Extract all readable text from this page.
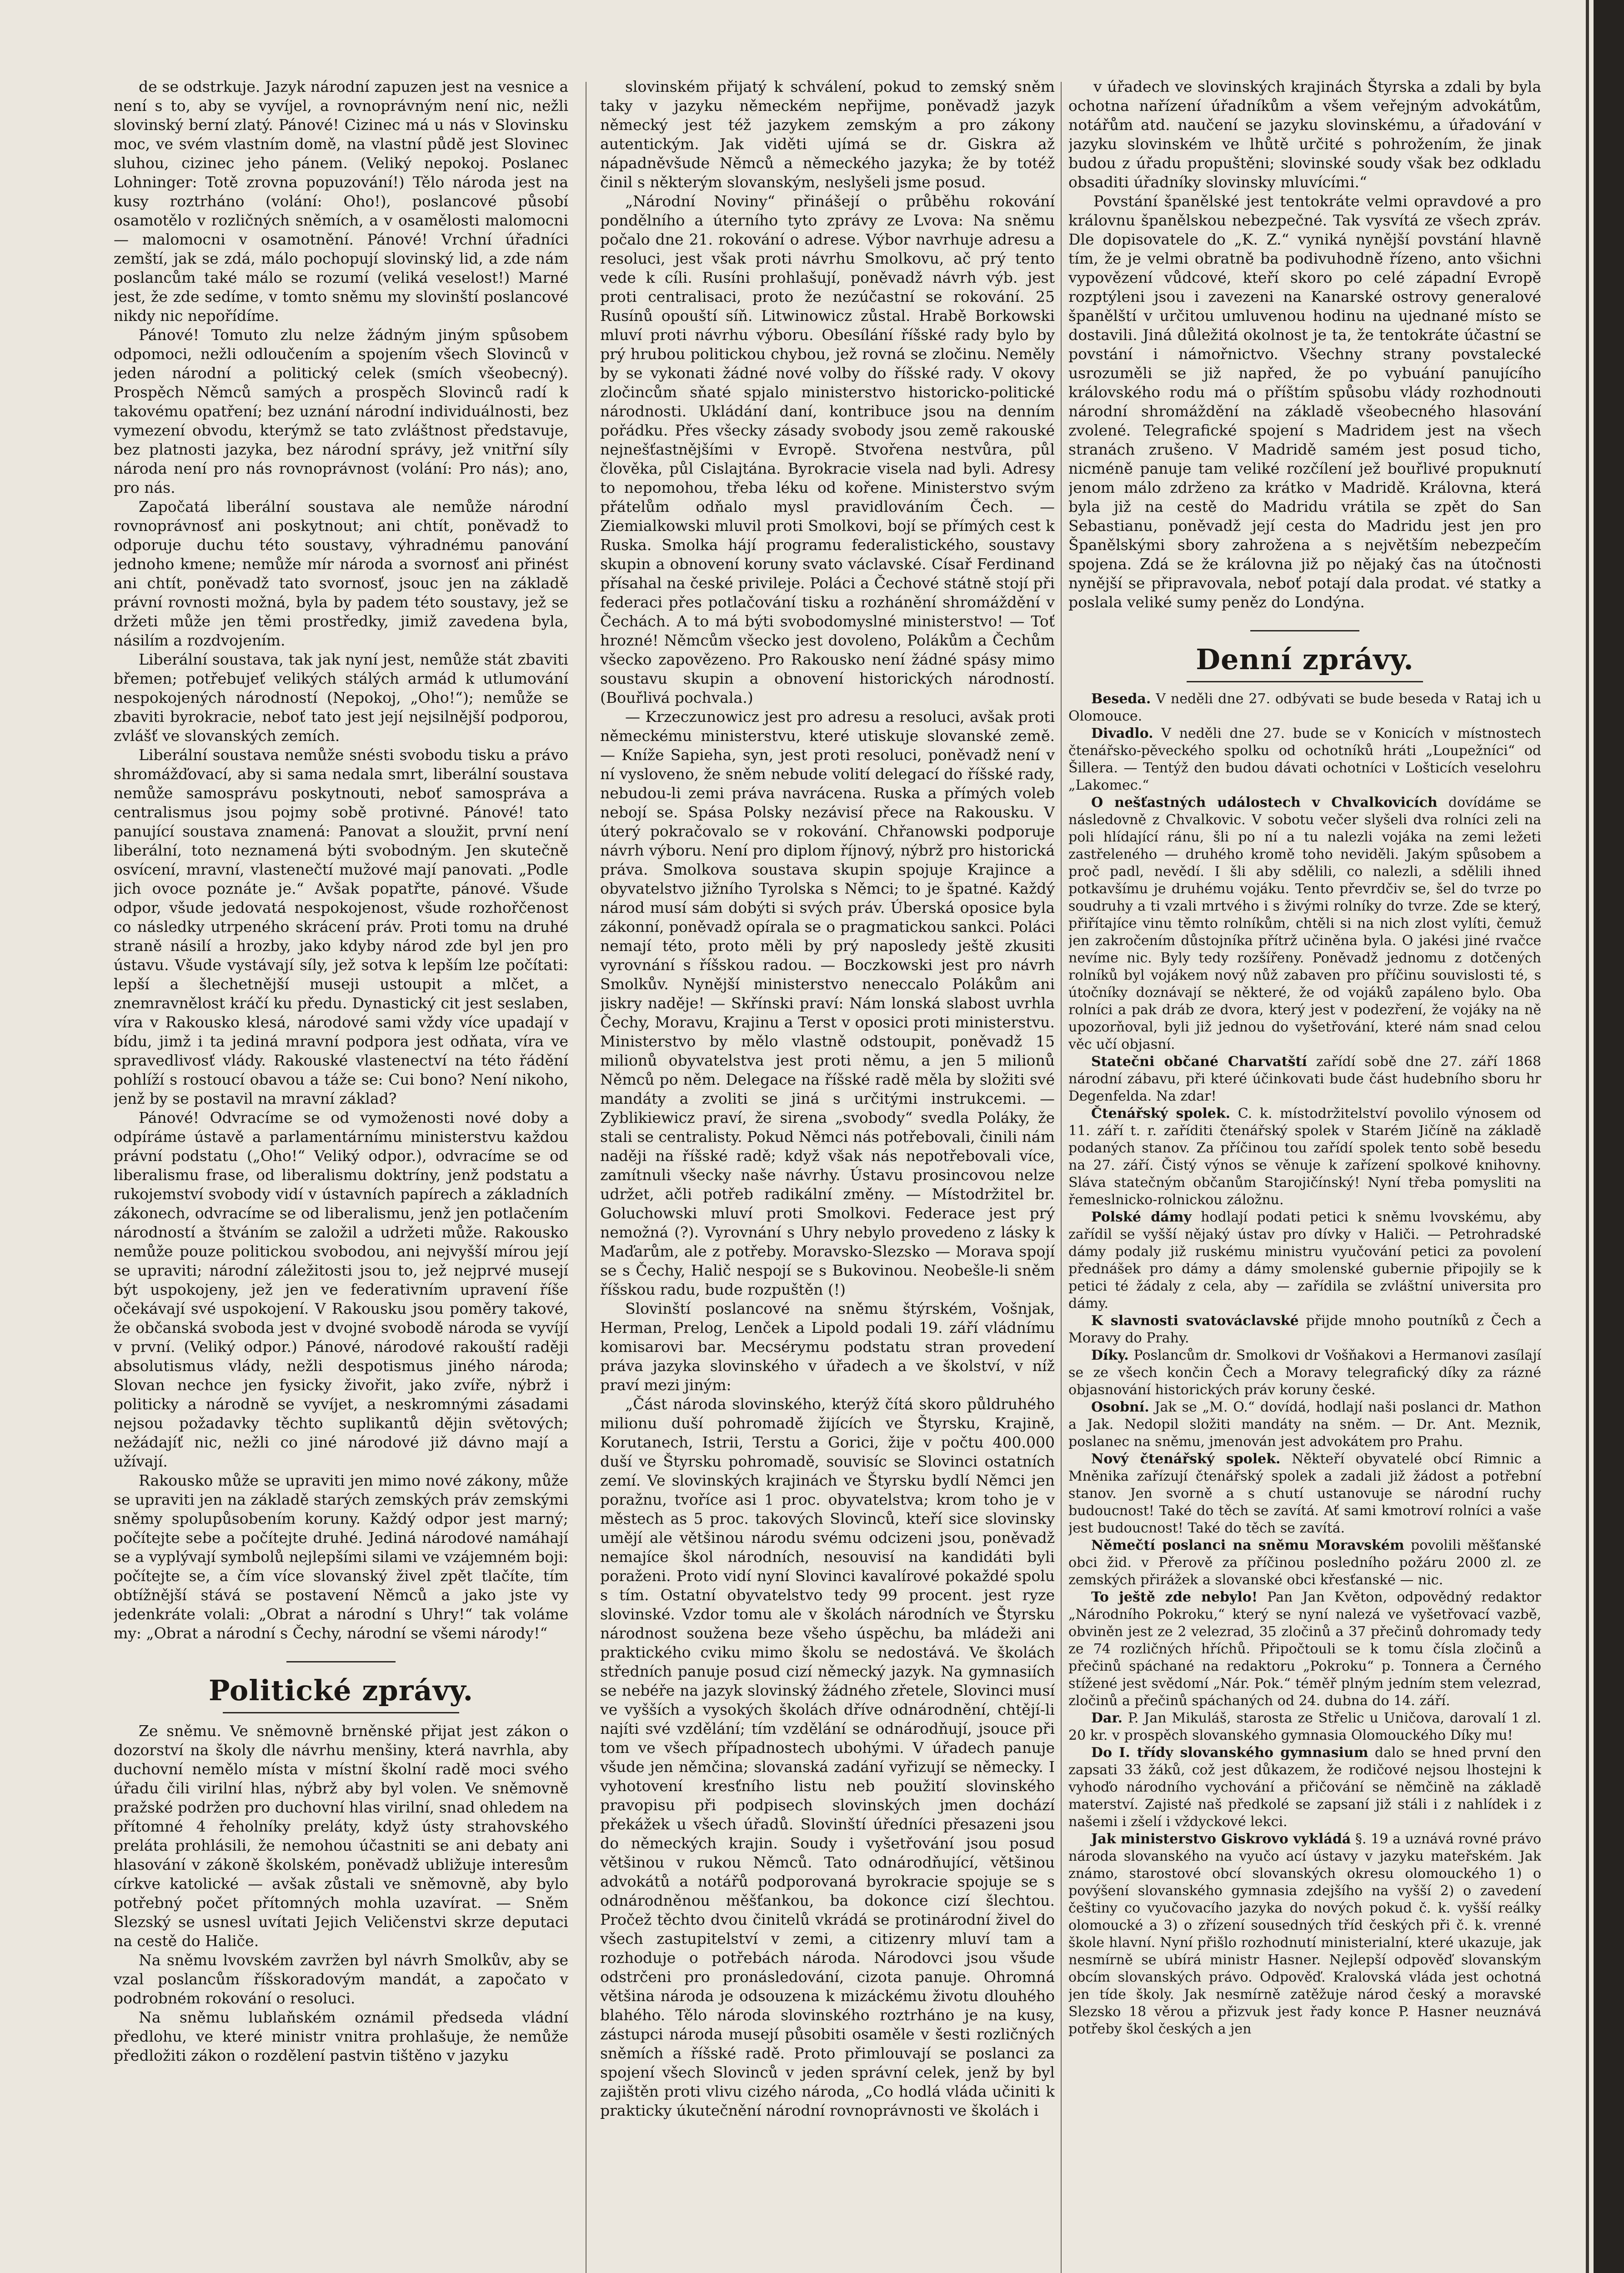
de se odstrkuje. Jazyk národní zapuzen jest na vesnice a není s to, aby se vyvíjel, a rovnoprávným není nic, nežli slovinský berní zlatý. Pánové! Cizinec má u nás v Slovinsku moc, ve svém vlastním domě, na vlastní půdě jest Slovinec sluhou, cizinec jeho pánem. (Veliký nepokoj. Poslanec Lohninger: Totě zrovna popuzování!) Tělo národa jest na kusy roztrháno (volání: Oho!), poslancové působí osamotělo v rozličných sněmích, a v osamělosti malomocni — malomocni v osamotnění. Pánové! Vrchní úřadníci zemští, jak se zdá, málo pochopují slovinský lid, a zde nám poslancům také málo se rozumí (veliká veselost!) Marné jest, že zde sedíme, v tomto sněmu my slovinští poslancové nikdy nic nepořídíme.

Pánové! Tomuto zlu nelze žádným jiným spůsobem odpomoci, nežli odloučením a spojením všech Slovinců v jeden národní a politický celek (smích všeobecný). Prospěch Němců samých a prospěch Slovinců radí k takovému opatření; bez uznání národní individuálnosti, bez vymezení obvodu, kterýmž se tato zvláštnost představuje, bez platnosti jazyka, bez národní správy, jež vnitřní síly národa není pro nás rovnoprávnost (volání: Pro nás); ano, pro nás.

Započatá liberální soustava ale nemůže národní rovnoprávnosť ani poskytnout; ani chtít, poněvadž to odporuje duchu této soustavy, výhradnému panování jednoho kmene; nemůže mír národa a svornosť ani přinést ani chtít, poněvadž tato svornosť, jsouc jen na základě právní rovnosti možná, byla by padem této soustavy, jež se držeti může jen těmi prostředky, jimiž zavedena byla, násilím a rozdvojením.

Liberální soustava, tak jak nyní jest, nemůže stát zbaviti břemen; potřebujeť velikých stálých armád k utlumování nespokojených národností (Nepokoj, „Oho!“); nemůže se zbaviti byrokracie, neboť tato jest její nejsilnější podporou, zvlášť ve slovanských zemích.

Liberální soustava nemůže snésti svobodu tisku a právo shromážďovací, aby si sama nedala smrt, liberální soustava nemůže samosprávu poskytnouti, neboť samospráva a centralismus jsou pojmy sobě protivné. Pánové! tato panující soustava znamená: Panovat a sloužit, první není liberální, toto neznamená býti svobodným. Jen skutečně osvícení, mravní, vlastenečtí mužové mají panovati. „Podle jich ovoce poznáte je.“ Avšak popatřte, pánové. Všude odpor, všude jedovatá nespokojenost, všude rozhořčenost co následky utrpeného skrácení práv. Proti tomu na druhé straně násilí a hrozby, jako kdyby národ zde byl jen pro ústavu. Všude vystávají síly, jež sotva k lepším lze počítati: lepší a šlechetnější museji ustoupit a mlčet, a znemravnělost kráčí ku předu. Dynastický cit jest seslaben, víra v Rakousko klesá, národové sami vždy více upadají v bídu, jimž i ta jediná mravní podpora jest odňata, víra ve spravedlivosť vlády. Rakouské vlastenectví na této řádění pohlíží s rostoucí obavou a táže se: Cui bono? Není nikoho, jenž by se postavil na mravní základ?

Pánové! Odvracíme se od vymoženosti nové doby a odpíráme ústavě a parlamentárnímu ministerstvu každou právní podstatu („Oho!“ Veliký odpor.), odvracíme se od liberalismu frase, od liberalismu doktríny, jenž podstatu a rukojemství svobody vidí v ústavních papírech a základních zákonech, odvracíme se od liberalismu, jenž jen potlačením národností a štváním se založil a udržeti může. Rakousko nemůže pouze politickou svobodou, ani nejvyšší mírou její se upraviti; národní záležitosti jsou to, jež nejprvé musejí být uspokojeny, jež jen ve federativním upravení říše očekávají své uspokojení. V Rakousku jsou poměry takové, že občanská svoboda jest v dvojné svobodě národa se vyvíjí v první. (Veliký odpor.) Pánové, národové rakouští raději absolutismus vlády, nežli despotismus jiného národa; Slovan nechce jen fysicky živořit, jako zvíře, nýbrž i politicky a národně se vyvíjet, a neskromnými zásadami nejsou požadavky těchto suplikantů dějin světových; nežádajíť nic, nežli co jiné národové již dávno mají a užívají.

Rakousko může se upraviti jen mimo nové zákony, může se upraviti jen na základě starých zemských práv zemskými sněmy spolupůsobením koruny. Každý odpor jest marný; počítejte sebe a počítejte druhé. Jediná národové namáhají se a vyplývají symbolů nejlepšími silami ve vzájemném boji: počítejte se, a čím více slovanský živel zpět tlačíte, tím obtížnější stává se postavení Němců a jako jste vy jedenkráte volali: „Obrat a národní s Uhry!“ tak voláme my: „Obrat a národní s Čechy, národní se všemi národy!“

Politické zprávy.

Ze sněmu. Ve sněmovně brněnské přijat jest zákon o dozorství na školy dle návrhu menšiny, která navrhla, aby duchovní nemělo místa v místní školní radě moci svého úřadu čili virilní hlas, nýbrž aby byl volen. Ve sněmovně pražské podržen pro duchovní hlas virilní, snad ohledem na přítomné 4 řeholníky preláty, když ústy strahovského preláta prohlásili, že nemohou účastniti se ani debaty ani hlasování v zákoně školském, poněvadž ubližuje interesům církve katolické — avšak zůstali ve sněmovně, aby bylo potřebný počet přítomných mohla uzavírat. — Sněm Slezský se usnesl uvítati Jejich Veličenstvi skrze deputaci na cestě do Haliče.

Na sněmu lvovském zavržen byl návrh Smolkův, aby se vzal poslancům říšskoradovým mandát, a započato v podrobném rokování o resoluci.

Na sněmu lublaňském oznámil předseda vládní předlohu, ve které ministr vnitra prohlašuje, že nemůže předložiti zákon o rozdělení pastvin tištěno v jazyku

slovinském přijatý k schválení, pokud to zemský sněm taky v jazyku německém nepřijme, poněvadž jazyk německý jest též jazykem zemským a pro zákony autentickým. Jak viděti ujímá se dr. Giskra až nápadněvšude Němců a německého jazyka; že by totéž činil s některým slovanským, neslyšeli jsme posud.

„Národní Noviny“ přinášejí o průběhu rokování pondělního a úterního tyto zprávy ze Lvova: Na sněmu počalo dne 21. rokování o adrese. Výbor navrhuje adresu a resoluci, jest však proti návrhu Smolkovu, ač prý tento vede k cíli. Rusíni prohlašují, poněvadž návrh výb. jest proti centralisaci, proto že nezúčastní se rokování. 25 Rusínů opouští síň. Litwinowicz zůstal. Hrabě Borkowski mluví proti návrhu výboru. Obesílání říšské rady bylo by prý hrubou politickou chybou, jež rovná se zločinu. Neměly by se vykonati žádné nové volby do říšské rady. V okovy zločincům sňaté spjalo ministerstvo historicko-politické národnosti. Ukládání daní, kontribuce jsou na denním pořádku. Přes všecky zásady svobody jsou země rakouské nejnešťastnějšími v Evropě. Stvořena nestvůra, půl člověka, půl Cislajtána. Byrokracie visela nad byli. Adresy to nepomohou, třeba léku od kořene. Ministerstvo svým přátelům odňalo mysl pravidlováním Čech. — Ziemialkowski mluvil proti Smolkovi, bojí se přímých cest k Ruska. Smolka hájí programu federalistického, soustavy skupin a obnovení koruny svato václavské. Císař Ferdinand přísahal na české privileje. Poláci a Čechové státně stojí při federaci přes potlačování tisku a rozhánění shromáždění v Čechách. A to má býti svobodomyslné ministerstvo! — Toť hrozné! Němcům všecko jest dovoleno, Polákům a Čechům všecko zapovězeno. Pro Rakousko není žádné spásy mimo soustavu skupin a obnovení historických národností. (Bouřlivá pochvala.)

— Krzeczunowicz jest pro adresu a resoluci, avšak proti německému ministerstvu, které utiskuje slovanské země. — Kníže Sapieha, syn, jest proti resoluci, poněvadž není v ní vysloveno, že sněm nebude volití delegací do říšské rady, nebudou-li zemi práva navrácena. Ruska a přímých voleb nebojí se. Spása Polsky nezávisí přece na Rakousku. V úterý pokračovalo se v rokování. Chřanowski podporuje návrh výboru. Není pro diplom říjnový, nýbrž pro historická práva. Smolkova soustava skupin spojuje Krajince a obyvatelstvo jižního Tyrolska s Němci; to je špatné. Každý národ musí sám dobýti si svých práv. Úberská oposice byla zákonní, poněvadž opírala se o pragmatickou sankci. Poláci nemají této, proto měli by prý naposledy ještě zkusiti vyrovnání s říšskou radou. — Boczkowski jest pro návrh Smolkův. Nynější ministerstvo neneccalo Polákům ani jiskry naděje! — Skřínski praví: Nám lonská slabost uvrhla Čechy, Moravu, Krajinu a Terst v oposici proti ministerstvu. Ministerstvo by mělo vlastně odstoupit, poněvadž 15 milionů obyvatelstva jest proti němu, a jen 5 milionů Němců po něm. Delegace na říšské radě měla by složiti své mandáty a zvoliti se jiná s určitými instrukcemi. — Zyblikiewicz praví, že sirena „svobody“ svedla Poláky, že stali se centralisty. Pokud Němci nás potřebovali, činili nám naději na říšské radě; když však nás nepotřebovali více, zamítnuli všecky naše návrhy. Ústavu prosincovou nelze udržet, ačli potřeb radikální změny. — Místodržitel br. Goluchowski mluví proti Smolkovi. Federace jest prý nemožná (?). Vyrovnání s Uhry nebylo provedeno z lásky k Maďarům, ale z potřeby. Moravsko-Slezsko — Morava spojí se s Čechy, Halič nespojí se s Bukovinou. Neobešle-li sněm říšskou radu, bude rozpuštěn (!)

Slovinští poslancové na sněmu štýrském, Vošnjak, Herman, Prelog, Lenček a Lipold podali 19. září vládnímu komisarovi bar. Mecsérymu podstatu stran provedení práva jazyka slovinského v úřadech a ve školství, v níž praví mezi jiným:

„Část národa slovinského, kterýž čítá skoro půldruhého milionu duší pohromadě žijících ve Štyrsku, Krajině, Korutanech, Istrii, Terstu a Gorici, žije v počtu 400.000 duší ve Štyrsku pohromadě, souvisíc se Slovinci ostatních zemí. Ve slovinských krajinách ve Štyrsku bydlí Němci jen poražnu, tvoříce asi 1 proc. obyvatelstva; krom toho je v městech as 5 proc. takových Slovinců, kteří sice slovinsky umějí ale většinou národu svému odcizeni jsou, poněvadž nemajíce škol národních, nesouvisí na kandidáti byli poraženi. Proto vidí nyní Slovinci kavalírové pokaždé spolu s tím. Ostatní obyvatelstvo tedy 99 procent. jest ryze slovinské. Vzdor tomu ale v školách národních ve Štyrsku národnost soužena beze všeho úspěchu, ba mládeži ani praktického cviku mimo školu se nedostává. Ve školách středních panuje posud cizí německý jazyk. Na gymnasiích se nebéře na jazyk slovinský žádného zřetele, Slovinci musí ve vyšších a vysokých školách dříve odnárodnění, chtějí-li najíti své vzdělání; tím vzdělání se odnárodňují, jsouce při tom ve všech případnostech ubohými. V úřadech panuje všude jen němčina; slovanská zadání vyřizují se německy. I vyhotovení kresťního listu neb použití slovinského pravopisu při podpisech slovinských jmen dochází překážek u všech úřadů. Slovinští úředníci přesazeni jsou do německých krajin. Soudy i vyšetřování jsou posud většinou v rukou Němců. Tato odnárodňující, většinou advokátů a notářů podporovaná byrokracie spojuje se s odnárodněnou měšťankou, ba dokonce cizí šlechtou. Pročež těchto dvou činitelů vkrádá se protinárodní živel do všech zastupitelství v zemi, a citizenry mluví tam a rozhoduje o potřebách národa. Národovci jsou všude odstrčeni pro pronásledování, cizota panuje. Ohromná většina národa je odsouzena k mizáckému životu dlouhého blahého. Tělo národa slovinského roztrháno je na kusy, zástupci národa musejí působiti osaměle v šesti rozličných sněmích a říšské radě. Proto přimlouvají se poslanci za spojení všech Slovinců v jeden správní celek, jenž by byl zajištěn proti vlivu cizého národa, „Co hodlá vláda učiniti k prakticky úkutečnění národní rovnoprávnosti ve školách i

v úřadech ve slovinských krajinách Štyrska a zdali by byla ochotna nařízení úřadníkům a všem veřejným advokátům, notářům atd. naučení se jazyku slovinskému, a úřadování v jazyku slovinském ve lhůtě určité s pohrožením, že jinak budou z úřadu propuštěni; slovinské soudy však bez odkladu obsaditi úřadníky slovinsky mluvícími.“

Povstání španělské jest tentokráte velmi opravdové a pro královnu španělskou nebezpečné. Tak vysvítá ze všech zpráv. Dle dopisovatele do „K. Z.“ vyniká nynější povstání hlavně tím, že je velmi obratně ba podivuhodně řízeno, anto všichni vypovězení vůdcové, kteří skoro po celé západní Evropě rozptýleni jsou i zavezeni na Kanarské ostrovy generalové španělští v určitou umluvenou hodinu na ujednané místo se dostavili. Jiná důležitá okolnost je ta, že tentokráte účastní se povstání i námořnictvo. Všechny strany povstalecké usrozuměli se již napřed, že po vybuání panujícího královského rodu má o příštím spůsobu vlády rozhodnouti národní shromáždění na základě všeobecného hlasování zvolené. Telegrafické spojení s Madridem jest na všech stranách zrušeno. V Madridě samém jest posud ticho, nicméně panuje tam veliké rozčílení jež bouřlivé propuknutí jenom málo zdrženo za krátko v Madridě. Královna, která byla již na cestě do Madridu vrátila se zpět do San Sebastianu, poněvadž její cesta do Madridu jest jen pro Španělskými sbory zahrožena a s největším nebezpečím spojena. Zdá se že královna již po nějaký čas na útočnosti nynější se připravovala, neboť potají dala prodat. vé statky a poslala veliké sumy peněz do Londýna.

Denní zprávy.

Beseda. V neděli dne 27. odbývati se bude beseda v Rataj ich u Olomouce.

Divadlo. V neděli dne 27. bude se v Konicích v místnostech čtenářsko-pěveckého spolku od ochotníků hráti „Loupežníci“ od Šillera. — Tentýž den budou dávati ochotníci v Lošticích veselohru „Lakomec.“

O nešťastných událostech v Chvalkovicích dovídáme se následovně z Chvalkovic. V sobotu večer slyšeli dva rolníci zeli na poli hlídající ránu, šli po ní a tu nalezli vojáka na zemi ležeti zastřeleného — druhého kromě toho neviděli. Jakým spůsobem a proč padl, nevědí. I šli aby sdělili, co nalezli, a sdělili ihned potkavšímu je druhému vojáku. Tento převrdčiv se, šel do tvrze po soudruhy a ti vzali mrtvého i s živými rolníky do tvrze. Zde se který, přiřítajíce vinu těmto rolníkům, chtěli si na nich zlost vylíti, čemuž jen zakročením důstojníka přítrž učiněna byla. O jakési jiné rvačce nevíme nic. Byly tedy rozšířeny. Poněvadž jednomu z dotčených rolníků byl vojákem nový nůž zabaven pro příčinu souvislosti té, s útočníky doznávají se některé, že od vojáků zapáleno bylo. Oba rolníci a pak dráb ze dvora, který jest v podezření, že vojáky na ně upozorňoval, byli již jednou do vyšetřování, které nám snad celou věc učí objasní.

Statečni občané Charvatští zařídí sobě dne 27. září 1868 národní zábavu, při které účinkovati bude část hudebního sboru hr Degenfelda. Na zdar!

Čtenářský spolek. C. k. místodržitelství povolilo výnosem od 11. září t. r. zaříditi čtenářský spolek v Starém Jičíně na základě podaných stanov. Za příčinou tou zařídí spolek tento sobě besedu na 27. září. Čistý výnos se věnuje k zařízení spolkové knihovny. Sláva statečným občanům Starojičínský! Nyní třeba pomysliti na řemeslnicko-rolnickou záložnu.

Polské dámy hodlají podati petici k sněmu lvovskému, aby zařídil se vyšší nějaký ústav pro dívky v Haliči. — Petrohradské dámy podaly již ruskému ministru vyučování petici za povolení přednášek pro dámy a dámy smolenské gubernie připojily se k petici té žádaly z cela, aby — zařídila se zvláštní universita pro dámy.

K slavnosti svatováclavské přijde mnoho poutníků z Čech a Moravy do Prahy.

Díky. Poslancům dr. Smolkovi dr Vošňakovi a Hermanovi zasílají se ze všech končin Čech a Moravy telegrafický díky za rázné objasnování historických práv koruny české.

Osobní. Jak se „M. O.“ dovídá, hodlají naši poslanci dr. Mathon a Jak. Nedopil složiti mandáty na sněm. — Dr. Ant. Meznik, poslanec na sněmu, jmenován jest advokátem pro Prahu.

Nový čtenářský spolek. Někteří obyvatelé obcí Rimnic a Mněnika zařízují čtenářský spolek a zadali již žádost a potřební stanov. Jen svorně a s chutí ustanovuje se národní ruchy budoucnost! Také do těch se zavítá. Ať sami kmotroví rolníci a vaše jest budoucnost! Také do těch se zavítá.

Němečtí poslanci na sněmu Moravském povolili měšťanské obci žid. v Přerově za příčinou posledního požáru 2000 zl. ze zemských přirážek a slovanské obci křesťanské — nic.

To ještě zde nebylo! Pan Jan Květon, odpovědný redaktor „Národního Pokroku,“ který se nyní nalezá ve vyšetřovací vazbě, obviněn jest ze 2 velezrad, 35 zločinů a 37 přečinů dohromady tedy ze 74 rozličných hříchů. Připočtouli se k tomu čísla zločinů a přečinů spáchané na redaktoru „Pokroku“ p. Tonnera a Černého stížené jest svědomí „Nár. Pok.“ téměř plným jedním stem velezrad, zločinů a přečinů spáchaných od 24. dubna do 14. září.

Dar. P. Jan Mikuláš, starosta ze Střelic u Uničova, darovalí 1 zl. 20 kr. v prospěch slovanského gymnasia Olomouckého Díky mu!

Do I. třídy slovanského gymnasium dalo se hned první den zapsati 33 žáků, což jest důkazem, že rodičové nejsou lhostejni k vyhoďo národního vychování a přičování se němčině na základě materství. Zajisté naš předkolé se zapsaní již stáli i z nahlídek i z našemi i zšelí i vždyckové lekci.

Jak ministerstvo Giskrovo vykládá §. 19 a uznává rovné právo národa slovanského na vyučo ací ústavy v jazyku mateřském. Jak známo, starostové obcí slovanských okresu olomouckého 1) o povýšení slovanského gymnasia zdejšího na vyšší 2) o zavedení češtiny co vyučovacího jazyka do nových pokud č. k. vyšší reálky olomoucké a 3) o zřízení sousedných tříd českých při č. k. vrenné škole hlavní. Nyní přišlo rozhodnutí ministerialní, které ukazuje, jak nesmírně se ubírá ministr Hasner. Nejlepší odpověď slovanským obcím slovanských právo. Odpověď. Kralovská vláda jest ochotná jen tíde školy. Jak nesmírně zatěžuje národ český a moravské Slezsko 18 věrou a přizvuk jest řady konce P. Hasner neuznává potřeby škol českých a jen
